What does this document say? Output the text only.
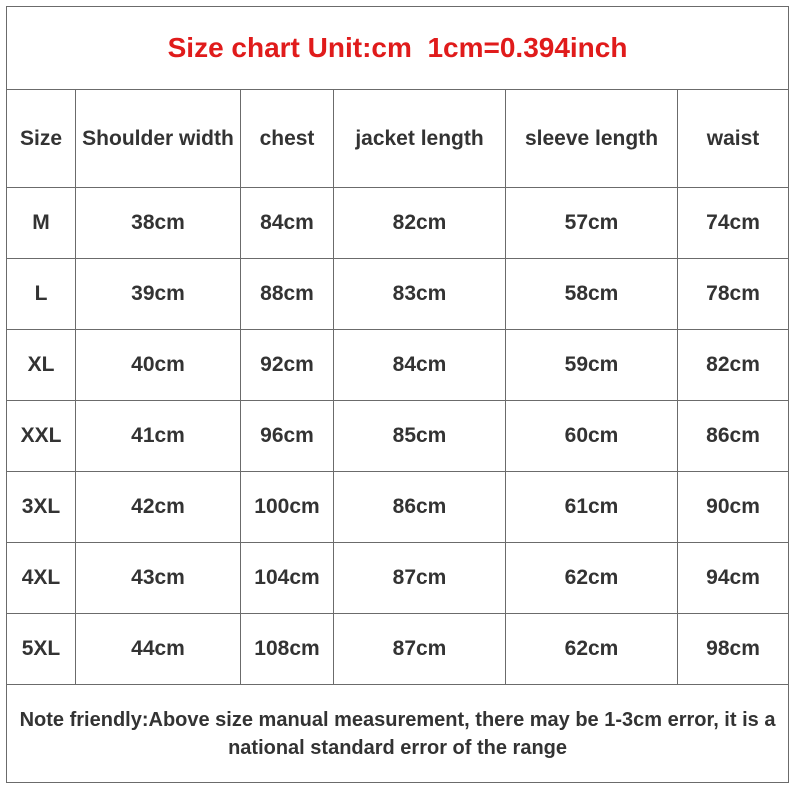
Size chart Unit:cm  1cm=0.394inch					
Size	Shoulder width	chest	jacket length	sleeve length	waist
M	38cm	84cm	82cm	57cm	74cm
L	39cm	88cm	83cm	58cm	78cm
XL	40cm	92cm	84cm	59cm	82cm
XXL	41cm	96cm	85cm	60cm	86cm
3XL	42cm	100cm	86cm	61cm	90cm
4XL	43cm	104cm	87cm	62cm	94cm
5XL	44cm	108cm	87cm	62cm	98cm
Note friendly:Above size manual measurement, there may be 1-3cm error, it is a national standard error of the range					
